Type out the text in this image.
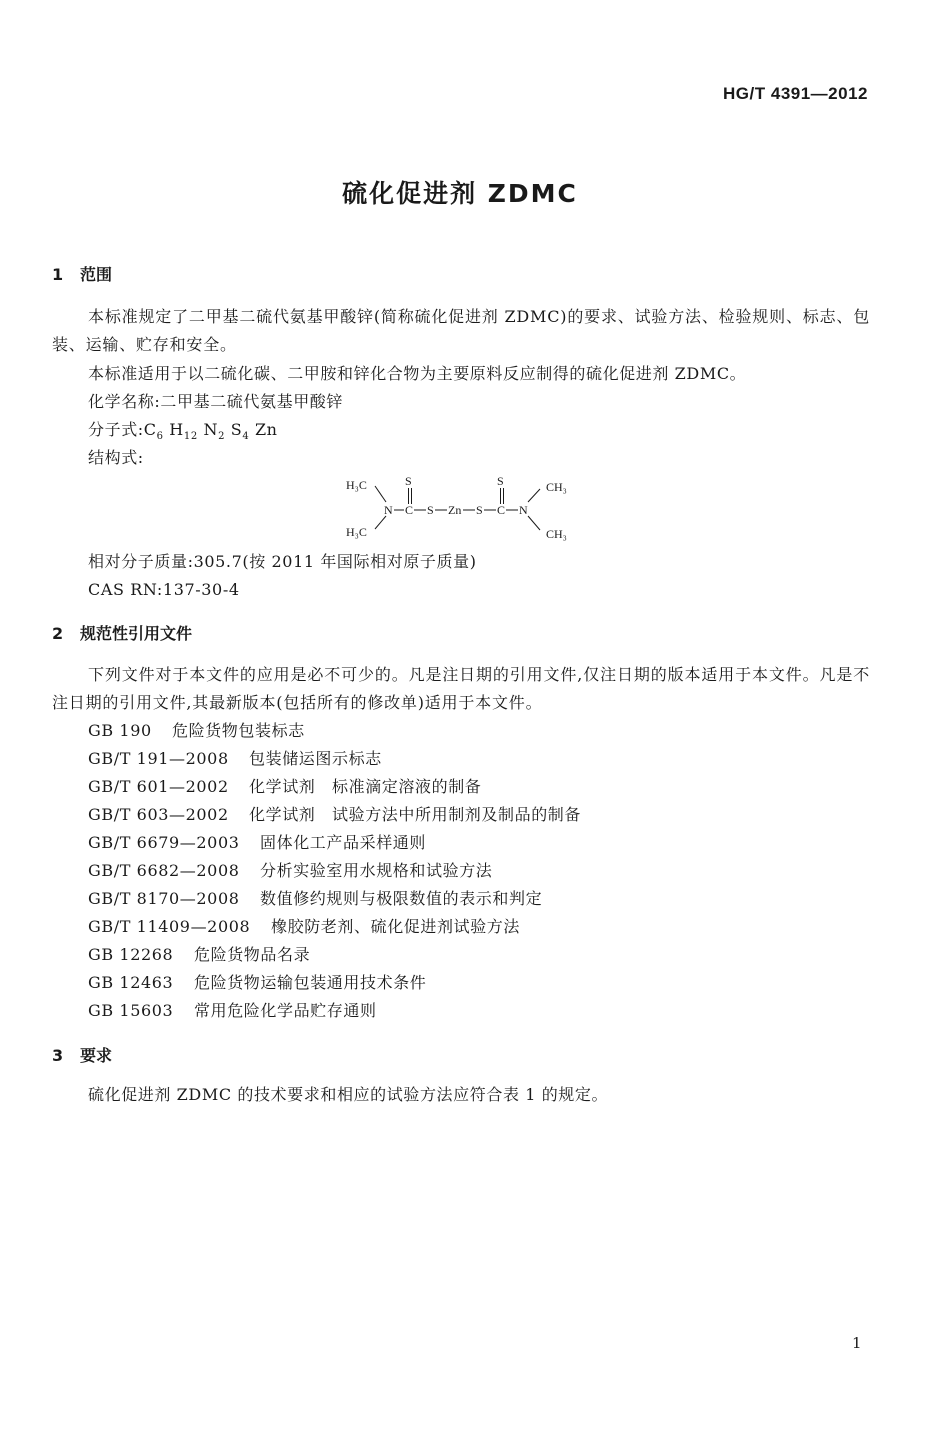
HG/T 4391—2012
硫化促进剂 ZDMC
1 范围
本标准规定了二甲基二硫代氨基甲酸锌(简称硫化促进剂 ZDMC)的要求、试验方法、检验规则、标志、包装、运输、贮存和安全。
本标准适用于以二硫化碳、二甲胺和锌化合物为主要原料反应制得的硫化促进剂 ZDMC。
化学名称:二甲基二硫代氨基甲酸锌
分子式$:C_6$ $H_{12}$ $N_2$ $S_4$ Zn
结构式:
H₃C
H₃C
N C
S
S Zn S C
S
N
CH₃
CH₃
相对分子质量:305.7(按 2011 年国际相对原子质量)
CAS RN:137-30-4
2 规范性引用文件
下列文件对于本文件的应用是必不可少的。凡是注日期的引用文件,仅注日期的版本适用于本文件。凡是不注日期的引用文件,其最新版本(包括所有的修改单)适用于本文件。
GB 190 危险货物包装标志
GB/T 191—2008 包装储运图示标志
GB/T 601—2002 化学试剂　标准滴定溶液的制备
GB/T 603—2002 化学试剂　试验方法中所用制剂及制品的制备
GB/T 6679—2003 固体化工产品采样通则
GB/T 6682—2008 分析实验室用水规格和试验方法
GB/T 8170—2008 数值修约规则与极限数值的表示和判定
GB/T 11409—2008 橡胶防老剂、硫化促进剂试验方法
GB 12268 危险货物品名录
GB 12463 危险货物运输包装通用技术条件
GB 15603 常用危险化学品贮存通则
3 要求
硫化促进剂 ZDMC 的技术要求和相应的试验方法应符合表 1 的规定。
1
